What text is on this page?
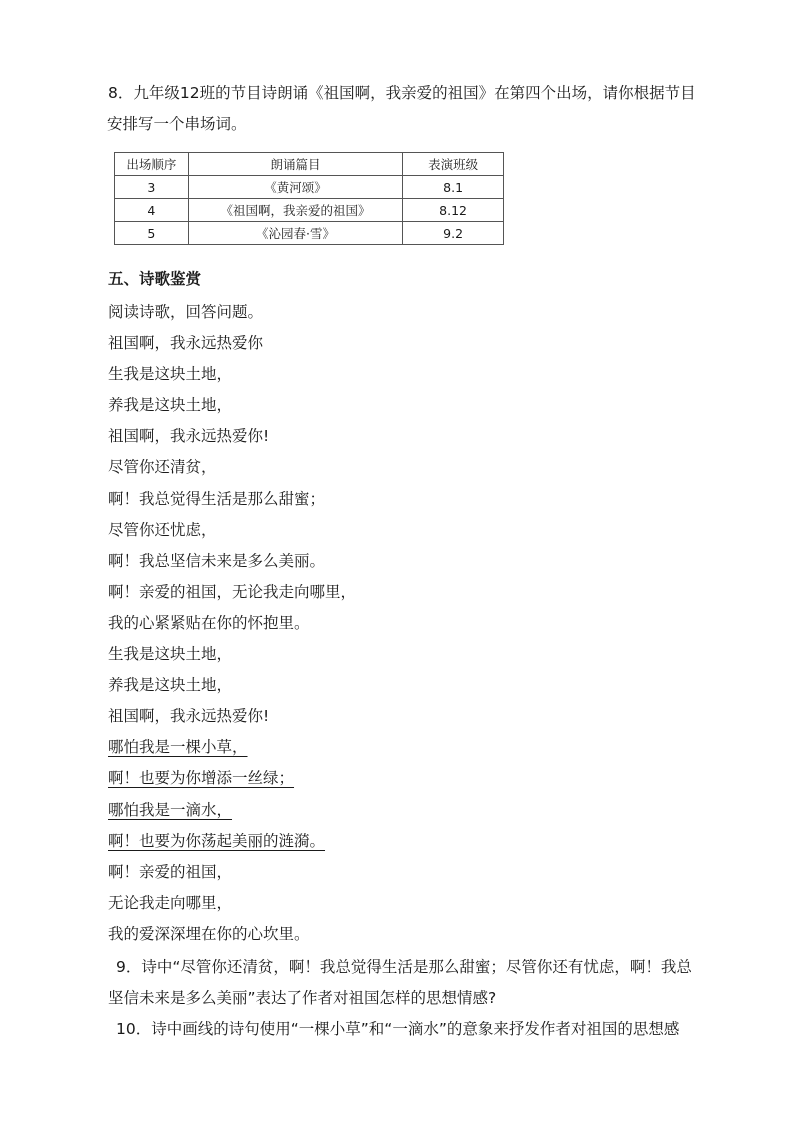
8．九年级12班的节目诗朗诵《祖国啊，我亲爱的祖国》在第四个出场，请你根据节目
安排写一个串场词。
出场顺序	朗诵篇目	表演班级
3	《黄河颂》	8.1
4	《祖国啊，我亲爱的祖国》	8.12
5	《沁园春·雪》	9.2
五、诗歌鉴赏
阅读诗歌，回答问题。
祖国啊，我永远热爱你
生我是这块土地，
养我是这块土地，
祖国啊，我永远热爱你!
尽管你还清贫，
啊！我总觉得生活是那么甜蜜；
尽管你还忧虑，
啊！我总坚信未来是多么美丽。
啊！亲爱的祖国，无论我走向哪里，
我的心紧紧贴在你的怀抱里。
生我是这块土地，
养我是这块土地，
祖国啊，我永远热爱你!
哪怕我是一棵小草，
啊！也要为你增添一丝绿；
哪怕我是一滴水，
啊！也要为你荡起美丽的涟漪。
啊！亲爱的祖国，
无论我走向哪里，
我的爱深深埋在你的心坎里。
9．诗中“尽管你还清贫，啊！我总觉得生活是那么甜蜜；尽管你还有忧虑，啊！我总
坚信未来是多么美丽”表达了作者对祖国怎样的思想情感?
10．诗中画线的诗句使用“一棵小草”和“一滴水”的意象来抒发作者对祖国的思想感
